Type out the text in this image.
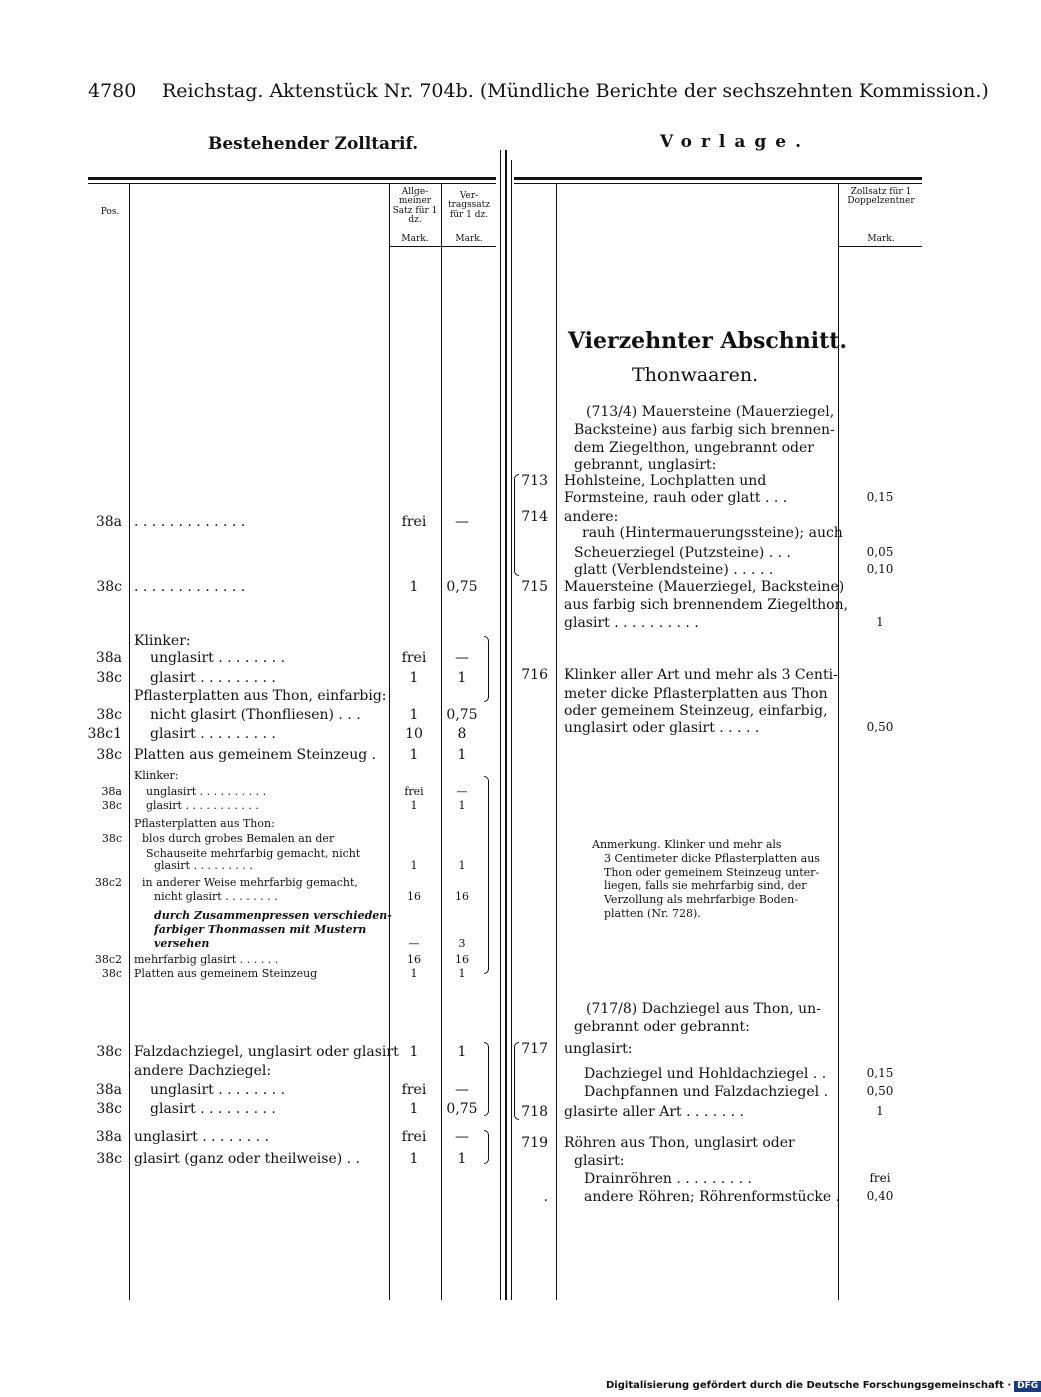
4780 Reichstag. Aktenstück Nr. 704b. (Mündliche Berichte der sechszehnten Kommission.)
Bestehender Zolltarif.	Vorlage.
Pos.
Allge-meiner Satz für 1 dz.
Ver-tragssatz für 1 dz.
Mark.	Mark.
Zollsatz für 1 Doppelzentner
Mark.
Vierzehnter Abschnitt.
Thonwaaren.
38a . . . . . . . . . . . . .	frei	—
38c . . . . . . . . . . . . .	1	0,75
Klinker:
38a unglasirt . . . . . . . .	frei	—
38c glasirt . . . . . . . . .	1	1
Pflasterplatten aus Thon, einfarbig:
38c nicht glasirt (Thonfliesen) . . .	1	0,75
38c1 glasirt . . . . . . . . .	10	8
38c Platten aus gemeinem Steinzeug .	1	1
Klinker:
38a unglasirt . . . . . . . . . .	frei	—
38c glasirt . . . . . . . . . . .	1	1
Pflasterplatten aus Thon:
38c blos durch grobes Bemalen an der
Schauseite mehrfarbig gemacht, nicht
glasirt . . . . . . . . .	1	1
38c2 in anderer Weise mehrfarbig gemacht,
nicht glasirt . . . . . . . .	16	16
durch Zusammenpressen verschieden-
farbiger Thonmassen mit Mustern
versehen	—	3
38c2 mehrfarbig glasirt . . . . . .	16	16
38c Platten aus gemeinem Steinzeug	1	1
38c Falzdachziegel, unglasirt oder glasirt 1	1
andere Dachziegel:
38a unglasirt . . . . . . . .	frei	—
38c glasirt . . . . . . . . .	1	0,75
38a unglasirt . . . . . . . .	frei	—
38c glasirt (ganz oder theilweise) . .	1	1
(713/4) Mauersteine (Mauerziegel,
Backsteine) aus farbig sich brennen-
dem Ziegelthon, ungebrannt oder
gebrannt, unglasirt:
713 Hohlsteine, Lochplatten und
Formsteine, rauh oder glatt . . .	0,15
714 andere:
rauh (Hintermauerungssteine); auch
Scheuerziegel (Putzsteine) . . .	0,05
glatt (Verblendsteine) . . . . .	0,10
715 Mauersteine (Mauerziegel, Backsteine)
aus farbig sich brennendem Ziegelthon,
glasirt . . . . . . . . . .	1
716 Klinker aller Art und mehr als 3 Centi-
meter dicke Pflasterplatten aus Thon
oder gemeinem Steinzeug, einfarbig,
unglasirt oder glasirt . . . . .	0,50
(717/8) Dachziegel aus Thon, un-
gebrannt oder gebrannt:
717 unglasirt:
Dachziegel und Hohldachziegel . .	0,15
Dachpfannen und Falzdachziegel .	0,50
718 glasirte aller Art . . . . . . .	1
719 Röhren aus Thon, unglasirt oder
glasirt:
Drainröhren . . . . . . . . .	frei
.	andere Röhren; Röhrenformstücke .	0,40
Anmerkung. Klinker und mehr als
3 Centimeter dicke Pflasterplatten aus
Thon oder gemeinem Steinzeug unter-
liegen, falls sie mehrfarbig sind, der
Verzollung als mehrfarbige Boden-
platten (Nr. 728).
Digitalisierung gefördert durch die Deutsche Forschungsgemeinschaft · DFG
